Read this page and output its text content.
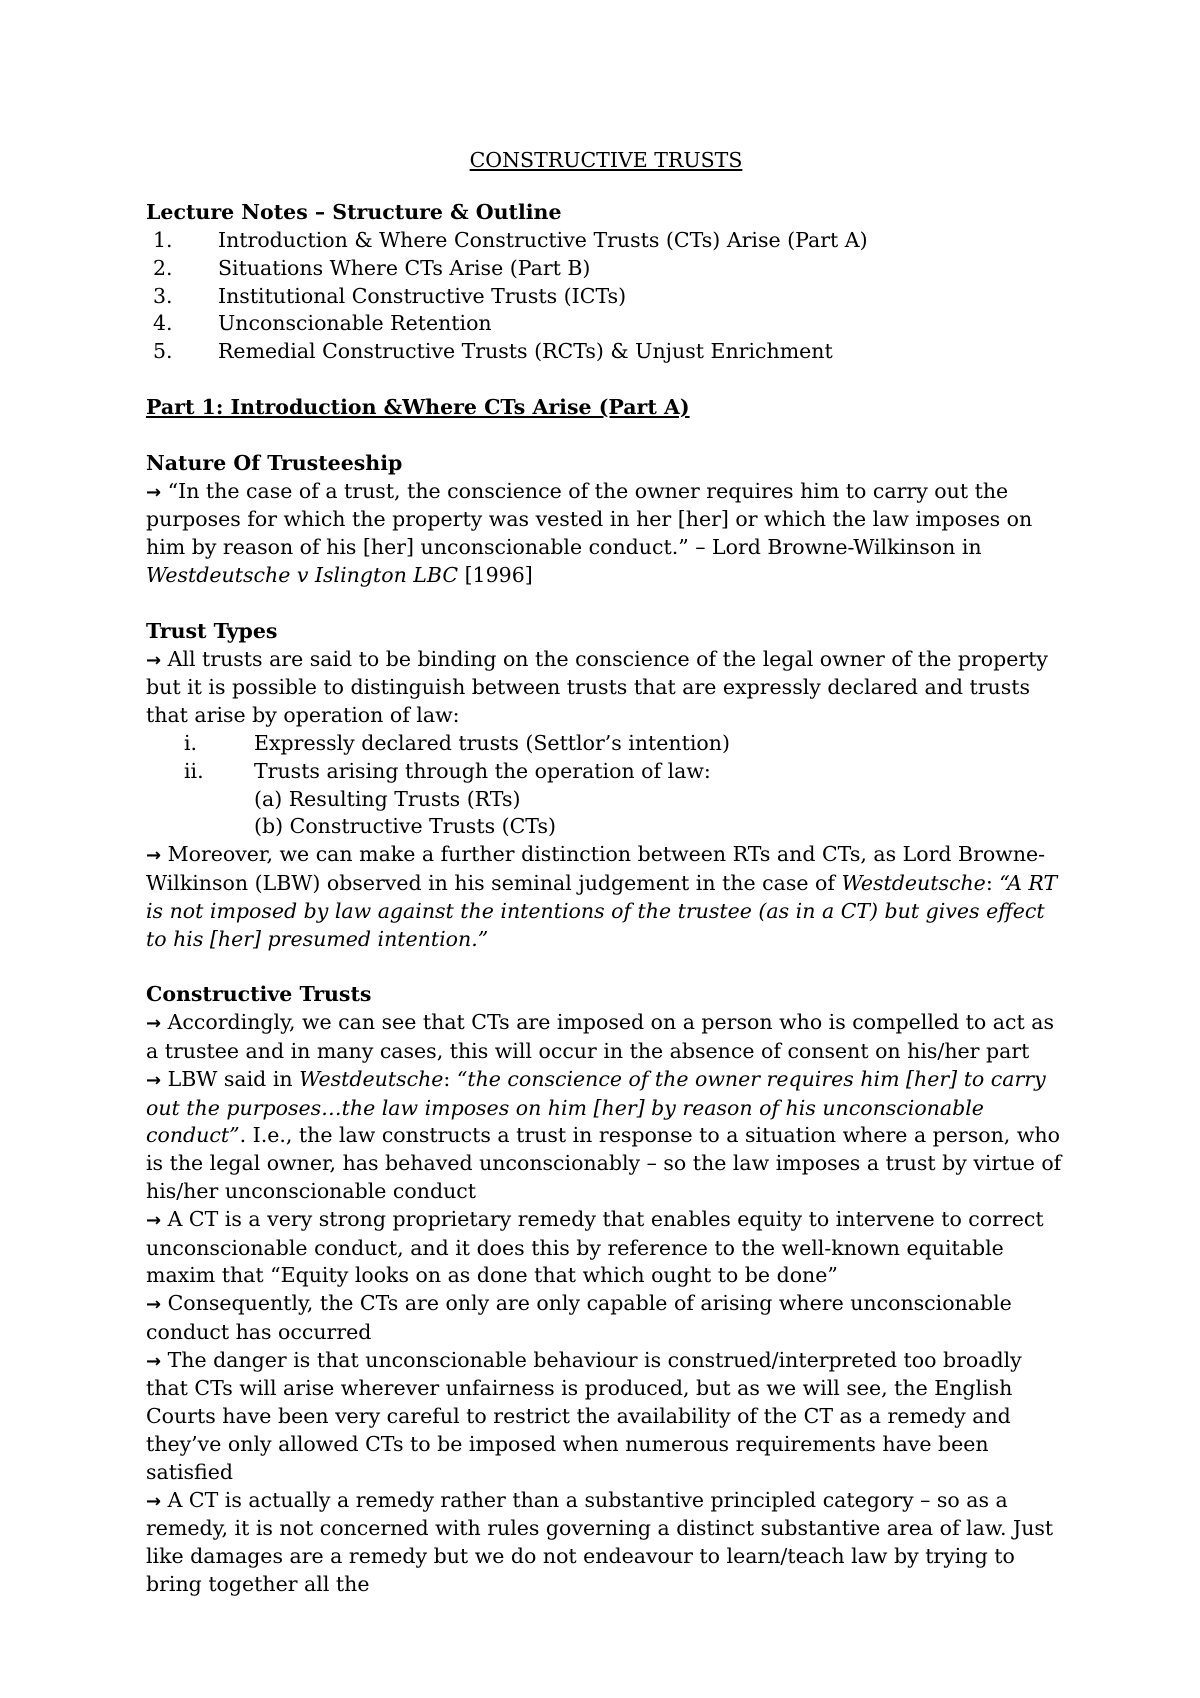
CONSTRUCTIVE TRUSTS
Lecture Notes – Structure & Outline
1. Introduction & Where Constructive Trusts (CTs) Arise (Part A)
2. Situations Where CTs Arise (Part B)
3. Institutional Constructive Trusts (ICTs)
4. Unconscionable Retention
5. Remedial Constructive Trusts (RCTs) & Unjust Enrichment
Part 1: Introduction &Where CTs Arise (Part A)
Nature Of Trusteeship

→ “In the case of a trust, the conscience of the owner requires him to carry out the purposes for which the property was vested in her [her] or which the law imposes on him by reason of his [her] unconscionable conduct.” – Lord Browne-Wilkinson in Westdeutsche v Islington LBC [1996]

Trust Types

→ All trusts are said to be binding on the conscience of the legal owner of the property but it is possible to distinguish between trusts that are expressly declared and trusts that arise by operation of law:

i.	Expressly declared trusts (Settlor’s intention)
ii. Trusts arising through the operation of law:
(a) Resulting Trusts (RTs)
(b) Constructive Trusts (CTs)

→ Moreover, we can make a further distinction between RTs and CTs, as Lord Browne-Wilkinson (LBW) observed in his seminal judgement in the case of Westdeutsche: “A RT is not imposed by law against the intentions of the trustee (as in a CT) but gives effect to his [her] presumed intention.”

Constructive Trusts

→ Accordingly, we can see that CTs are imposed on a person who is compelled to act as a trustee and in many cases, this will occur in the absence of consent on his/her part

→ LBW said in Westdeutsche: “the conscience of the owner requires him [her] to carry out the purposes…the law imposes on him [her] by reason of his unconscionable conduct”. I.e., the law constructs a trust in response to a situation where a person, who is the legal owner, has behaved unconscionably – so the law imposes a trust by virtue of his/her unconscionable conduct

→ A CT is a very strong proprietary remedy that enables equity to intervene to correct unconscionable conduct, and it does this by reference to the well-known equitable maxim that “Equity looks on as done that which ought to be done”

→ Consequently, the CTs are only are only capable of arising where unconscionable conduct has occurred

→ The danger is that unconscionable behaviour is construed/interpreted too broadly that CTs will arise wherever unfairness is produced, but as we will see, the English Courts have been very careful to restrict the availability of the CT as a remedy and they’ve only allowed CTs to be imposed when numerous requirements have been satisfied

→ A CT is actually a remedy rather than a substantive principled category – so as a remedy, it is not concerned with rules governing a distinct substantive area of law. Just like damages are a remedy but we do not endeavour to learn/teach law by trying to bring together all the
